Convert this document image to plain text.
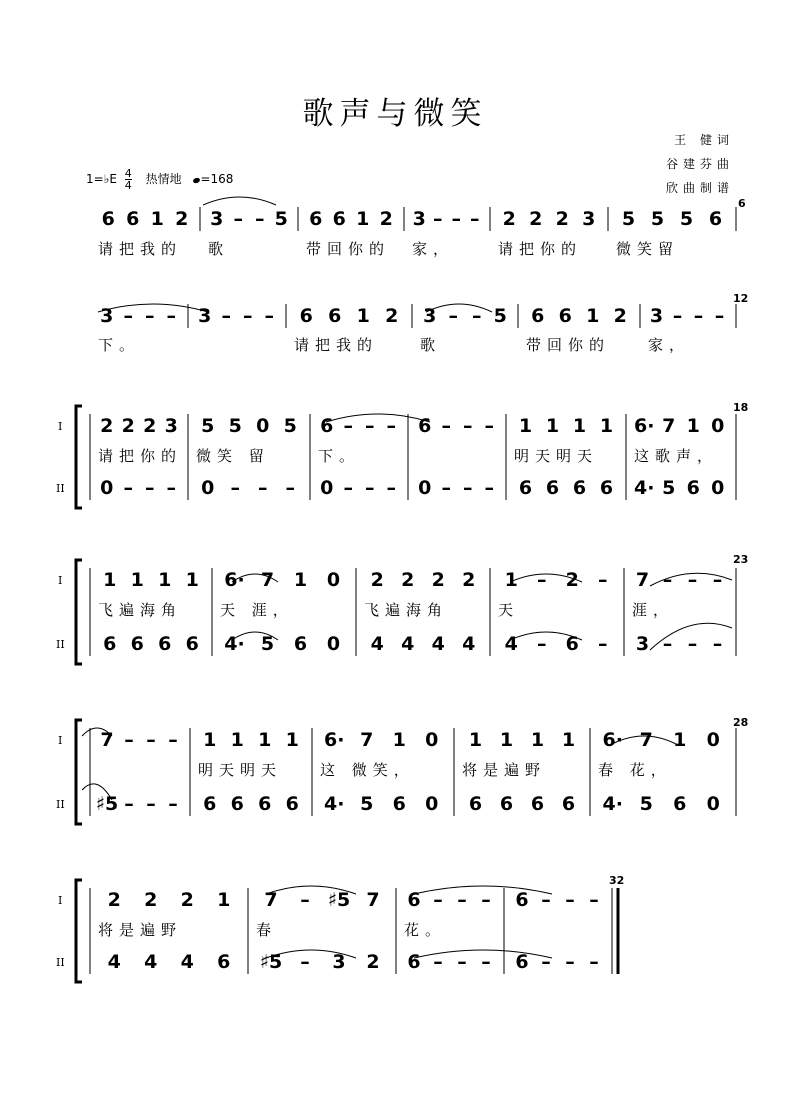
歌声与微笑
王 健词
谷建芬曲
欣曲制谱
1=♭E $\frac{4}{4}$ 热情地 =168
6
6 6 1 2
请把我的
3 – – 5
歌
6 6 1 2
带回你的
3 – – –
家，
2 2 2 3
请把你的
5 5 5 6
微笑留
12
3 – – –
下。
3 – – – 6 6 1 2
请把我的
3 – – 5
歌
6 6 1 2
带回你的
3 – – –
家，
I
II
18
2 2 2 3
0 – – –
请把你的
5 5 0 5
0 – – –
微笑 留
6 – – –
0 – – –
下。
6 – – –
0 – – –
1 1 1 1
6 6 6 6
明天明天
6· 7 1 0
4· 5 6 0
这歌声，
I
II
23
1 1 1 1
6 6 6 6
飞遍海角
6· 7 1 0
4· 5 6 0
天 涯，
2 2 2 2
4 4 4 4
飞遍海角
1 – 2 –
4 – 6 –
天
7 – – –
3 – – –
涯，
I
II
28
7 – – –
♯5 – – –
1 1 1 1
6 6 6 6
明天明天
6· 7 1 0
4· 5 6 0
这 微笑，
1 1 1 1
6 6 6 6
将是遍野
6· 7 1 0
4· 5 6 0
春 花，
I
II
32
2 2 2 1
4 4 4 6
将是遍野
7 – ♯5 7
♯5 – 3 2
春
6 – – –
6 – – –
花。
6 – – –
6 – – –
